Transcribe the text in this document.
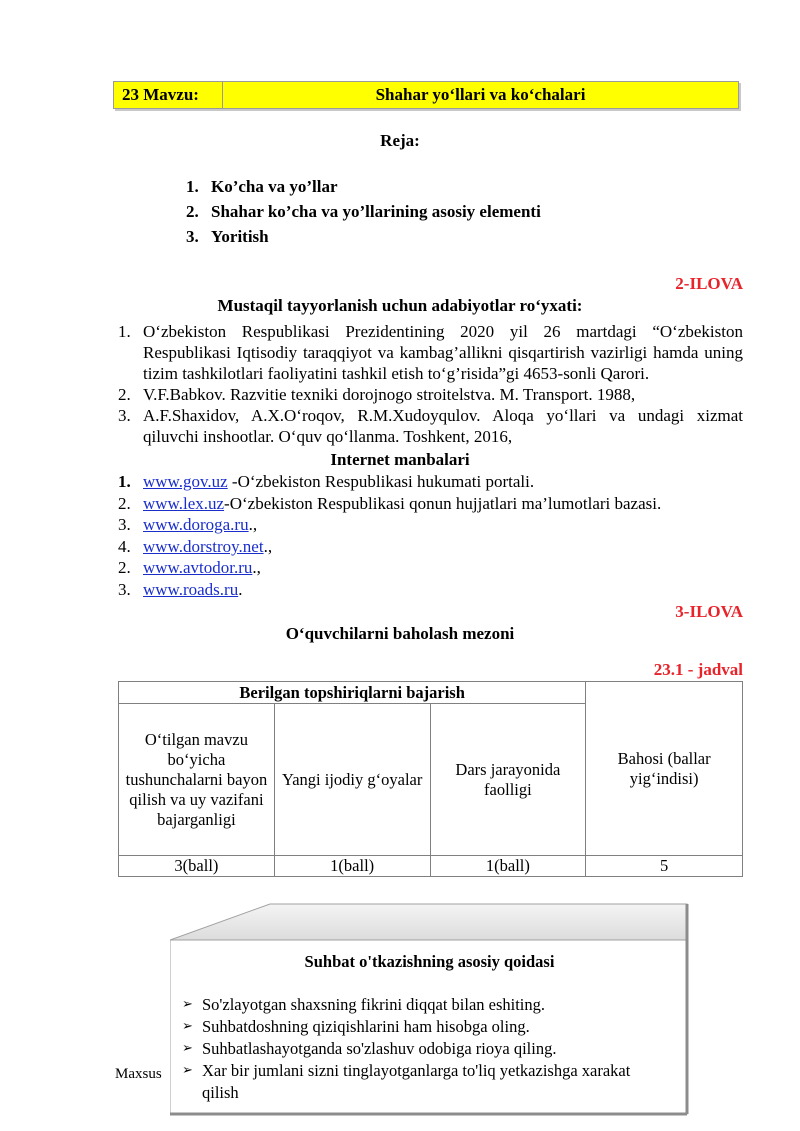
23 Mavzu:	Shahar yo‘llari va ko‘chalari
Reja:
1. Ko’cha va yo’llar
2. Shahar ko’cha va yo’llarining asosiy elementi
3. Yoritish
2-ILOVA
Mustaqil tayyorlanish uchun adabiyotlar ro‘yxati:
1. O‘zbekiston Respublikasi Prezidentining 2020 yil 26 martdagi “O‘zbekiston Respublikasi Iqtisodiy taraqqiyot va kambag’allikni qisqartirish vazirligi hamda uning tizim tashkilotlari faoliyatini tashkil etish to‘g’risida”gi 4653-sonli Qarori.
2. V.F.Babkov. Razvitie texniki dorojnogo stroitelstva. M. Transport. 1988,
3. A.F.Shaxidov, A.X.O‘roqov, R.M.Xudoyqulov. Aloqa yo‘llari va undagi xizmat qiluvchi inshootlar. O‘quv qo‘llanma. Toshkent, 2016,
Internet manbalari
1. www.gov.uz -O‘zbekiston Respublikasi hukumati portali.
2. www.lex.uz-O‘zbekiston Respublikasi qonun hujjatlari ma’lumotlari bazasi.
3. www.doroga.ru.,
4. www.dorstroy.net.,
2. www.avtodor.ru.,
3. www.roads.ru.
3-ILOVA
O‘quvchilarni baholash mezoni
23.1 - jadval
Berilgan topshiriqlarni bajarish			Bahosi (ballar yig‘indisi)
O‘tilgan mavzu bo‘yicha tushunchalarni bayon qilish va uy vazifani bajarganligi	Yangi ijodiy g‘oyalar	Dars jarayonida faolligi	
3(ball)	1(ball)	1(ball)	5
Suhbat o'tkazishning asosiy qoidasi
➢ So'zlayotgan shaxsning fikrini diqqat bilan eshiting.
➢ Suhbatdoshning qiziqishlarini ham hisobga oling.
➢ Suhbatlashayotganda so'zlashuv odobiga rioya qiling.
➢ Xar bir jumlani sizni tinglayotganlarga to'liq yetkazishga xarakat qilish
Maxsus
